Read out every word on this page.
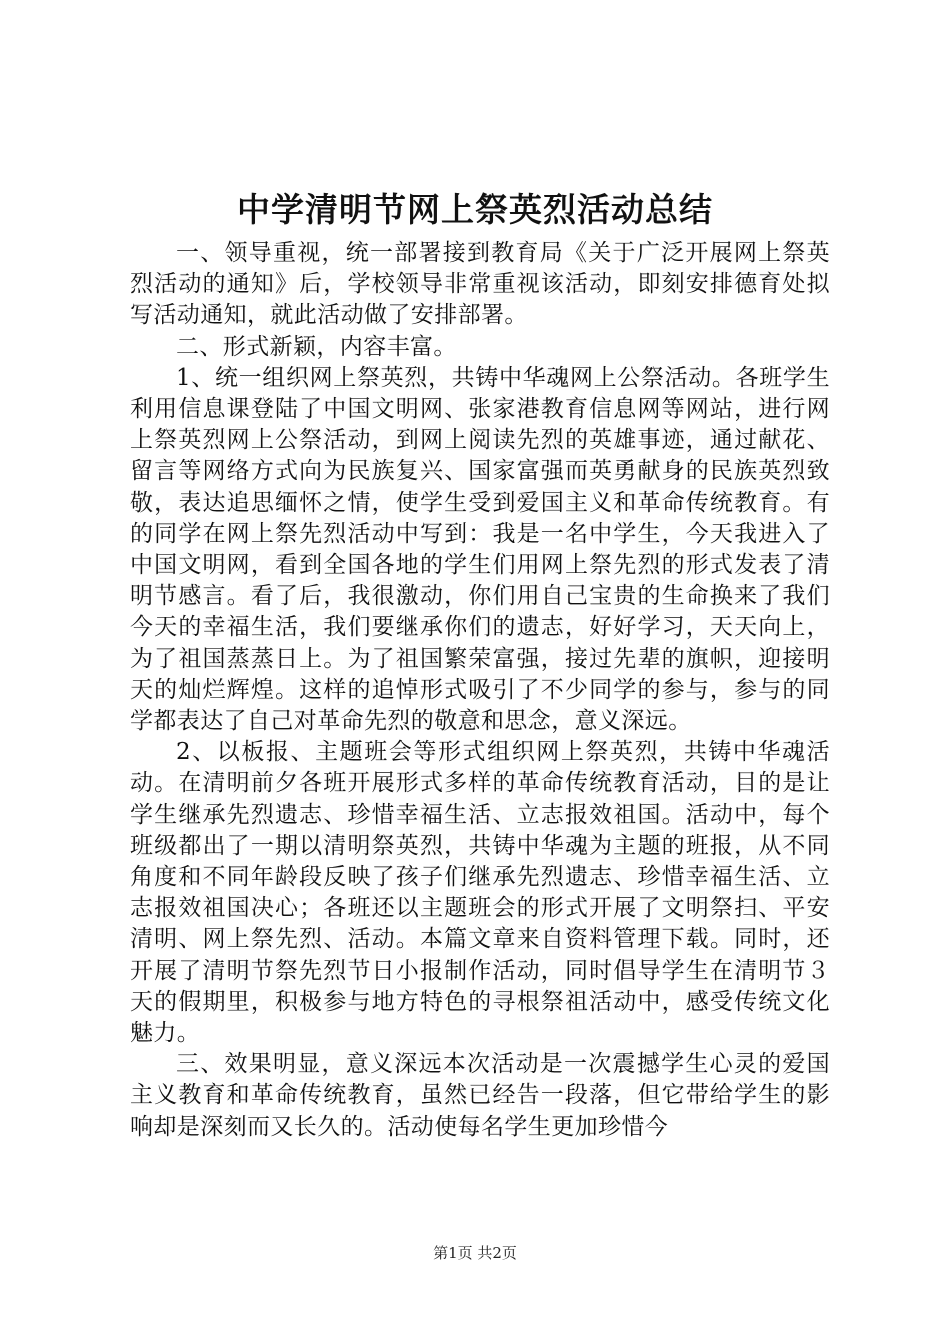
中学清明节网上祭英烈活动总结

一、领导重视，统一部署接到教育局《关于广泛开展网上祭英烈活动的通知》后，学校领导非常重视该活动，即刻安排德育处拟写活动通知，就此活动做了安排部署。

二、形式新颖，内容丰富。

1、统一组织网上祭英烈，共铸中华魂网上公祭活动。各班学生利用信息课登陆了中国文明网、张家港教育信息网等网站，进行网上祭英烈网上公祭活动，到网上阅读先烈的英雄事迹，通过献花、留言等网络方式向为民族复兴、国家富强而英勇献身的民族英烈致敬，表达追思缅怀之情，使学生受到爱国主义和革命传统教育。有的同学在网上祭先烈活动中写到：我是一名中学生，今天我进入了中国文明网，看到全国各地的学生们用网上祭先烈的形式发表了清明节感言。看了后，我很激动，你们用自己宝贵的生命换来了我们今天的幸福生活，我们要继承你们的遗志，好好学习，天天向上，为了祖国蒸蒸日上。为了祖国繁荣富强，接过先辈的旗帜，迎接明天的灿烂辉煌。这样的追悼形式吸引了不少同学的参与，参与的同学都表达了自己对革命先烈的敬意和思念，意义深远。

2、以板报、主题班会等形式组织网上祭英烈，共铸中华魂活动。在清明前夕各班开展形式多样的革命传统教育活动，目的是让学生继承先烈遗志、珍惜幸福生活、立志报效祖国。活动中，每个班级都出了一期以清明祭英烈，共铸中华魂为主题的班报，从不同角度和不同年龄段反映了孩子们继承先烈遗志、珍惜幸福生活、立志报效祖国决心；各班还以主题班会的形式开展了文明祭扫、平安清明、网上祭先烈、活动。本篇文章来自资料管理下载。同时，还开展了清明节祭先烈节日小报制作活动，同时倡导学生在清明节３天的假期里，积极参与地方特色的寻根祭祖活动中，感受传统文化魅力。

三、效果明显，意义深远本次活动是一次震撼学生心灵的爱国主义教育和革命传统教育，虽然已经告一段落，但它带给学生的影响却是深刻而又长久的。活动使每名学生更加珍惜今

第1页 共2页
